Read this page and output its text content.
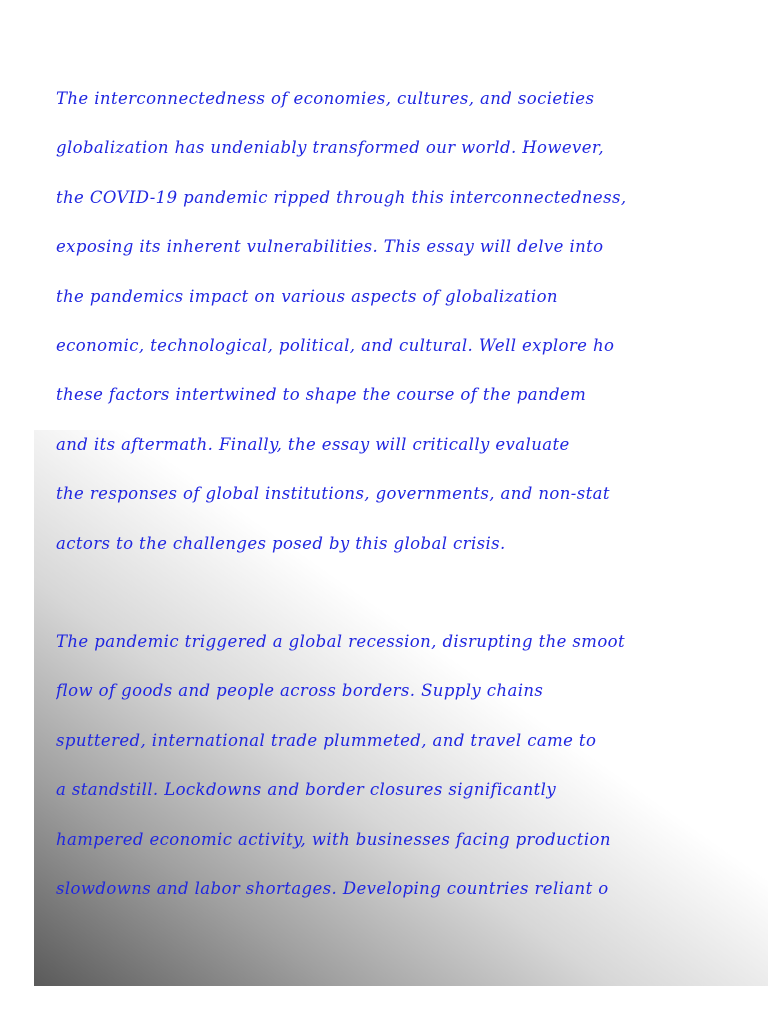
The interconnectedness of economies, cultures, and societies
globalization has undeniably transformed our world. However,
the COVID-19 pandemic ripped through this interconnectedness,
exposing its inherent vulnerabilities. This essay will delve into
the pandemics impact on various aspects of globalization
economic, technological, political, and cultural. Well explore ho
these factors intertwined to shape the course of the pandem
and its aftermath. Finally, the essay will critically evaluate
the responses of global institutions, governments, and non-stat
actors to the challenges posed by this global crisis.
The pandemic triggered a global recession, disrupting the smoot
flow of goods and people across borders. Supply chains
sputtered, international trade plummeted, and travel came to
a standstill. Lockdowns and border closures significantly
hampered economic activity, with businesses facing production
slowdowns and labor shortages. Developing countries reliant o
